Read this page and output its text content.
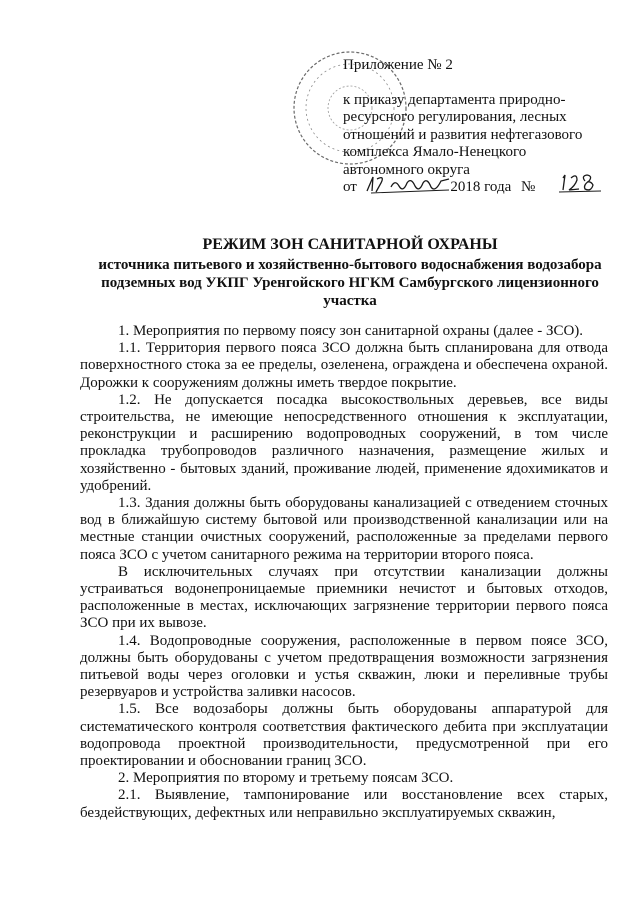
Приложение № 2

к приказу департамента природно-

ресурсного регулирования, лесных

отношений и развития нефтегазового

комплекса Ямало-Ненецкого

автономного округа

от	2018 года №

РЕЖИМ ЗОН САНИТАРНОЙ ОХРАНЫ
источника питьевого и хозяйственно-бытового водоснабжения водозабора подземных вод УКПГ Уренгойского НГКМ Самбургского лицензионного участка

1. Мероприятия по первому поясу зон санитарной охраны (далее - ЗСО).

1.1. Территория первого пояса ЗСО должна быть спланирована для отвода поверхностного стока за ее пределы, озеленена, ограждена и обеспечена охраной. Дорожки к сооружениям должны иметь твердое покрытие.

1.2. Не допускается посадка высокоствольных деревьев, все виды строительства, не имеющие непосредственного отношения к эксплуатации, реконструкции и расширению водопроводных сооружений, в том числе прокладка трубопроводов различного назначения, размещение жилых и хозяйственно - бытовых зданий, проживание людей, применение ядохимикатов и удобрений.

1.3. Здания должны быть оборудованы канализацией с отведением сточных вод в ближайшую систему бытовой или производственной канализации или на местные станции очистных сооружений, расположенные за пределами первого пояса ЗСО с учетом санитарного режима на территории второго пояса.

В исключительных случаях при отсутствии канализации должны устраиваться водонепроницаемые приемники нечистот и бытовых отходов, расположенные в местах, исключающих загрязнение территории первого пояса ЗСО при их вывозе.

1.4. Водопроводные сооружения, расположенные в первом поясе ЗСО, должны быть оборудованы с учетом предотвращения возможности загрязнения питьевой воды через оголовки и устья скважин, люки и переливные трубы резервуаров и устройства заливки насосов.

1.5. Все водозаборы должны быть оборудованы аппаратурой для систематического контроля соответствия фактического дебита при эксплуатации водопровода проектной производительности, предусмотренной при его проектировании и обосновании границ ЗСО.

2. Мероприятия по второму и третьему поясам ЗСО.

2.1. Выявление, тампонирование или восстановление всех старых, бездействующих, дефектных или неправильно эксплуатируемых скважин,
